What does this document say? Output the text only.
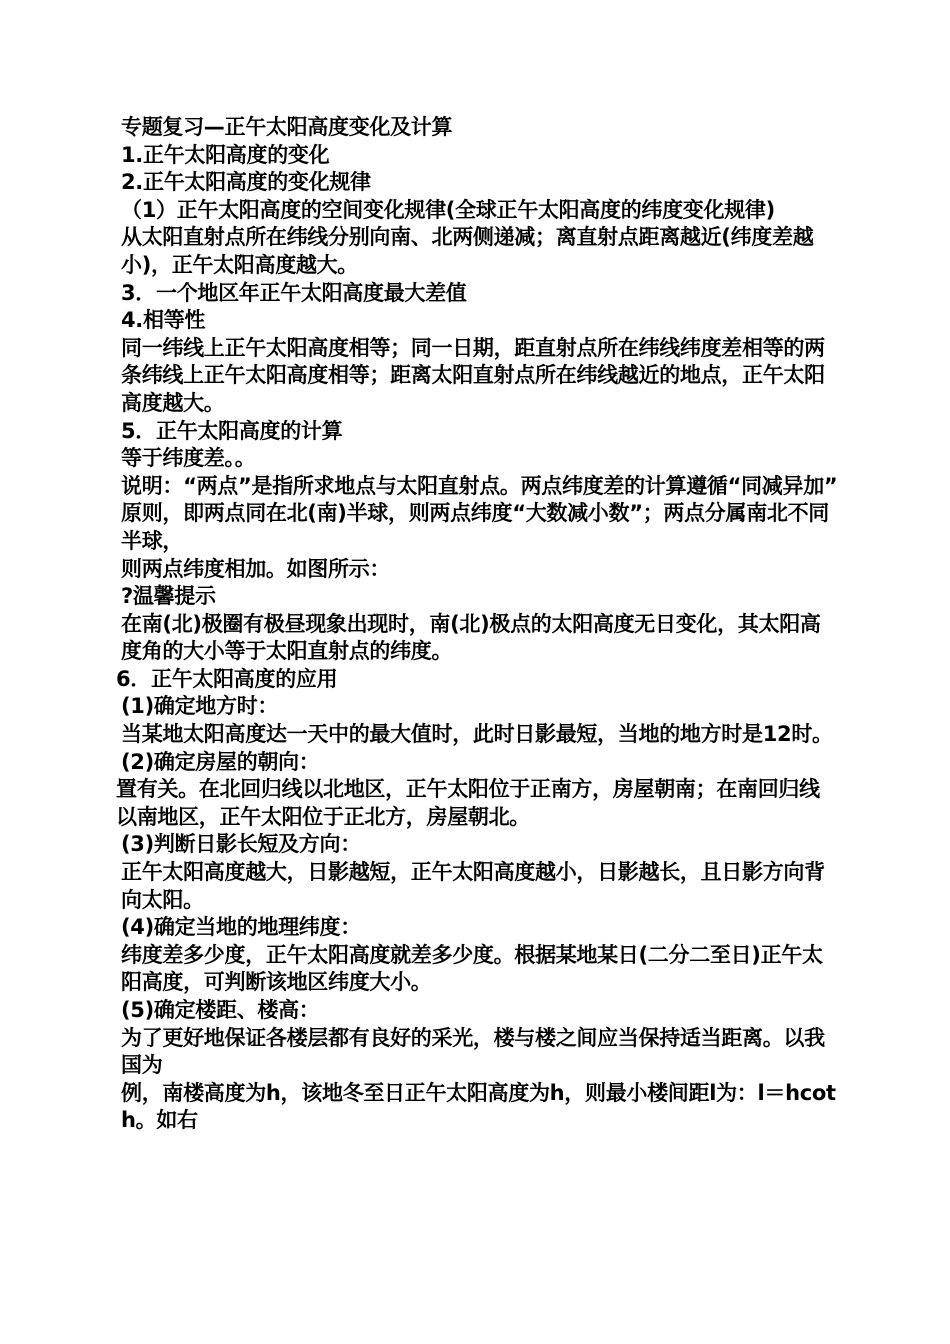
专题复习—正午太阳高度变化及计算

1.正午太阳高度的变化

2.正午太阳高度的变化规律

（1）正午太阳高度的空间变化规律(全球正午太阳高度的纬度变化规律)

从太阳直射点所在纬线分别向南、北两侧递减；离直射点距离越近(纬度差越小)，正午太阳高度越大。

3．一个地区年正午太阳高度最大差值

4.相等性

同一纬线上正午太阳高度相等；同一日期，距直射点所在纬线纬度差相等的两条纬线上正午太阳高度相等；距离太阳直射点所在纬线越近的地点，正午太阳高度越大。

5．正午太阳高度的计算

等于纬度差。。

说明：“两点”是指所求地点与太阳直射点。两点纬度差的计算遵循“同减异加”

原则，即两点同在北(南)半球，则两点纬度“大数减小数”；两点分属南北不同半球，

则两点纬度相加。如图所示：

?温馨提示

在南(北)极圈有极昼现象出现时，南(北)极点的太阳高度无日变化，其太阳高度角的大小等于太阳直射点的纬度。

6．正午太阳高度的应用

(1)确定地方时：

当某地太阳高度达一天中的最大值时，此时日影最短，当地的地方时是12时。

(2)确定房屋的朝向：

置有关。在北回归线以北地区，正午太阳位于正南方，房屋朝南；在南回归线以南地区，正午太阳位于正北方，房屋朝北。

(3)判断日影长短及方向：

正午太阳高度越大，日影越短，正午太阳高度越小，日影越长，且日影方向背向太阳。

(4)确定当地的地理纬度：

纬度差多少度，正午太阳高度就差多少度。根据某地某日(二分二至日)正午太阳高度，可判断该地区纬度大小。

(5)确定楼距、楼高：

为了更好地保证各楼层都有良好的采光，楼与楼之间应当保持适当距离。以我国为

例，南楼高度为h，该地冬至日正午太阳高度为h，则最小楼间距l为：l＝hcoth。如右
